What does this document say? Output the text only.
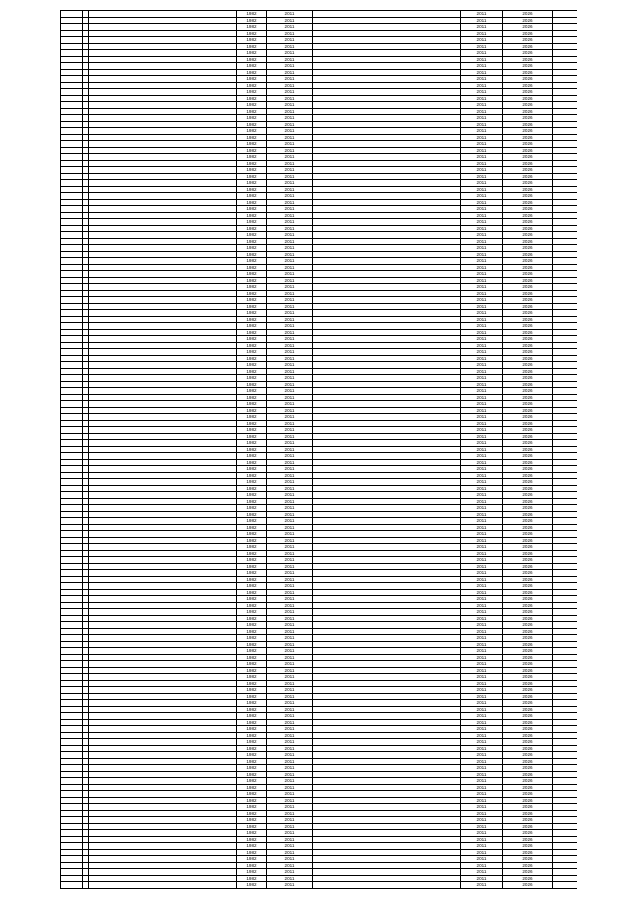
1982	2011	2011	2026
1982	2011	2011	2026
1982	2011	2011	2026
1982	2011	2011	2026
1982	2011	2011	2026
1982	2011	2011	2026
1982	2011	2011	2026
1982	2011	2011	2026
1982	2011	2011	2026
1982	2011	2011	2026
1982	2011	2011	2026
1982	2011	2011	2026
1982	2011	2011	2026
1982	2011	2011	2026
1982	2011	2011	2026
1982	2011	2011	2026
1982	2011	2011	2026
1982	2011	2011	2026
1982	2011	2011	2026
1982	2011	2011	2026
1982	2011	2011	2026
1982	2011	2011	2026
1982	2011	2011	2026
1982	2011	2011	2026
1982	2011	2011	2026
1982	2011	2011	2026
1982	2011	2011	2026
1982	2011	2011	2026
1982	2011	2011	2026
1982	2011	2011	2026
1982	2011	2011	2026
1982	2011	2011	2026
1982	2011	2011	2026
1982	2011	2011	2026
1982	2011	2011	2026
1982	2011	2011	2026
1982	2011	2011	2026
1982	2011	2011	2026
1982	2011	2011	2026
1982	2011	2011	2026
1982	2011	2011	2026
1982	2011	2011	2026
1982	2011	2011	2026
1982	2011	2011	2026
1982	2011	2011	2026
1982	2011	2011	2026
1982	2011	2011	2026
1982	2011	2011	2026
1982	2011	2011	2026
1982	2011	2011	2026
1982	2011	2011	2026
1982	2011	2011	2026
1982	2011	2011	2026
1982	2011	2011	2026
1982	2011	2011	2026
1982	2011	2011	2026
1982	2011	2011	2026
1982	2011	2011	2026
1982	2011	2011	2026
1982	2011	2011	2026
1982	2011	2011	2026
1982	2011	2011	2026
1982	2011	2011	2026
1982	2011	2011	2026
1982	2011	2011	2026
1982	2011	2011	2026
1982	2011	2011	2026
1982	2011	2011	2026
1982	2011	2011	2026
1982	2011	2011	2026
1982	2011	2011	2026
1982	2011	2011	2026
1982	2011	2011	2026
1982	2011	2011	2026
1982	2011	2011	2026
1982	2011	2011	2026
1982	2011	2011	2026
1982	2011	2011	2026
1982	2011	2011	2026
1982	2011	2011	2026
1982	2011	2011	2026
1982	2011	2011	2026
1982	2011	2011	2026
1982	2011	2011	2026
1982	2011	2011	2026
1982	2011	2011	2026
1982	2011	2011	2026
1982	2011	2011	2026
1982	2011	2011	2026
1982	2011	2011	2026
1982	2011	2011	2026
1982	2011	2011	2026
1982	2011	2011	2026
1982	2011	2011	2026
1982	2011	2011	2026
1982	2011	2011	2026
1982	2011	2011	2026
1982	2011	2011	2026
1982	2011	2011	2026
1982	2011	2011	2026
1982	2011	2011	2026
1982	2011	2011	2026
1982	2011	2011	2026
1982	2011	2011	2026
1982	2011	2011	2026
1982	2011	2011	2026
1982	2011	2011	2026
1982	2011	2011	2026
1982	2011	2011	2026
1982	2011	2011	2026
1982	2011	2011	2026
1982	2011	2011	2026
1982	2011	2011	2026
1982	2011	2011	2026
1982	2011	2011	2026
1982	2011	2011	2026
1982	2011	2011	2026
1982	2011	2011	2026
1982	2011	2011	2026
1982	2011	2011	2026
1982	2011	2011	2026
1982	2011	2011	2026
1982	2011	2011	2026
1982	2011	2011	2026
1982	2011	2011	2026
1982	2011	2011	2026
1982	2011	2011	2026
1982	2011	2011	2026
1982	2011	2011	2026
1982	2011	2011	2026
1982	2011	2011	2026
1982	2011	2011	2026
1982	2011	2011	2026
1982	2011	2011	2026
1982	2011	2011	2026
